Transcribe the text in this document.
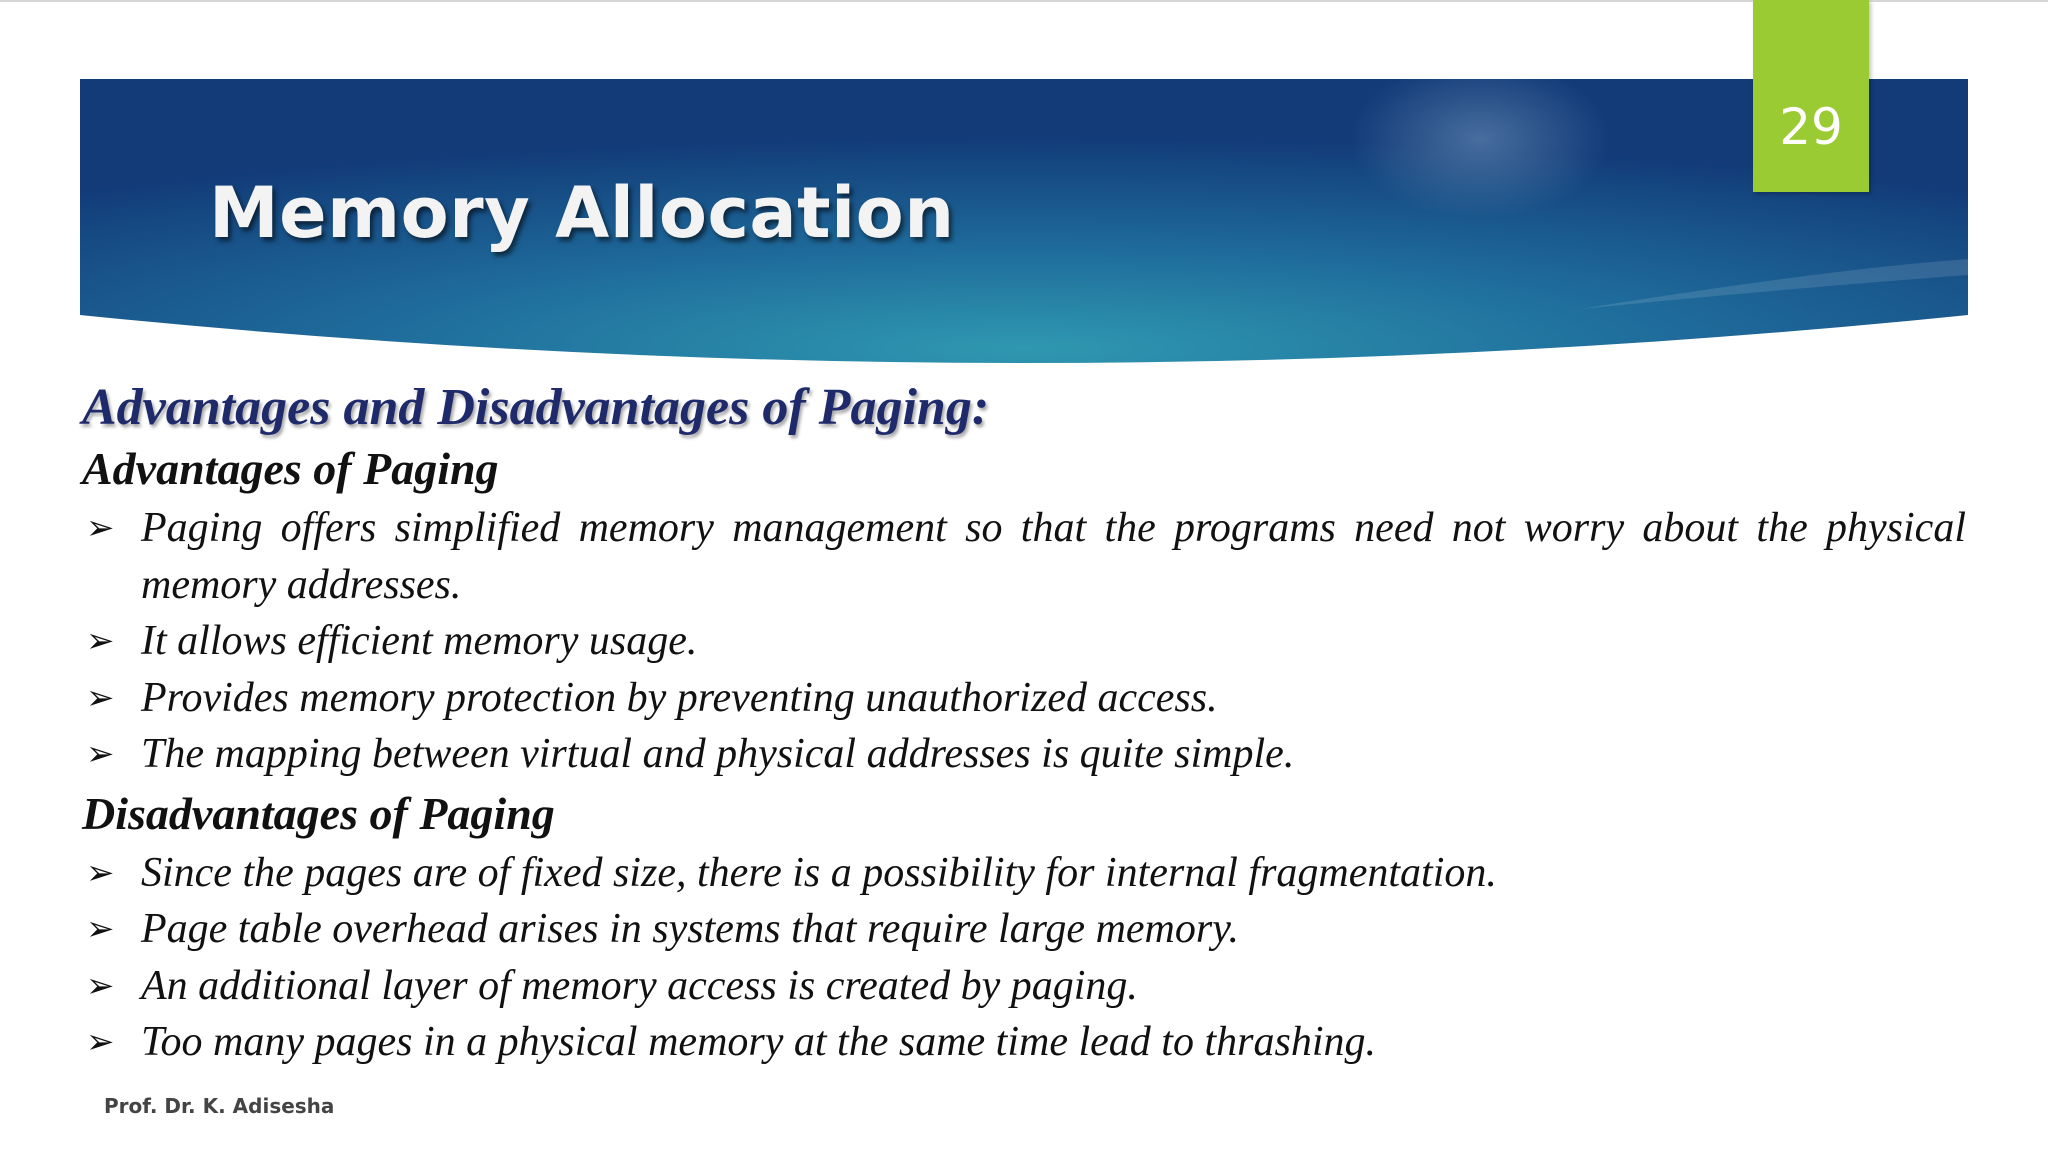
29
Memory Allocation
Advantages and Disadvantages of Paging:
Advantages of Paging
➢ Paging offers simplified memory management so that the programs need not worry about the physical memory addresses.
➢ It allows efficient memory usage.
➢ Provides memory protection by preventing unauthorized access.
➢ The mapping between virtual and physical addresses is quite simple.
Disadvantages of Paging
➢ Since the pages are of fixed size, there is a possibility for internal fragmentation.
➢ Page table overhead arises in systems that require large memory.
➢ An additional layer of memory access is created by paging.
➢ Too many pages in a physical memory at the same time lead to thrashing.

Prof. Dr. K. Adisesha
